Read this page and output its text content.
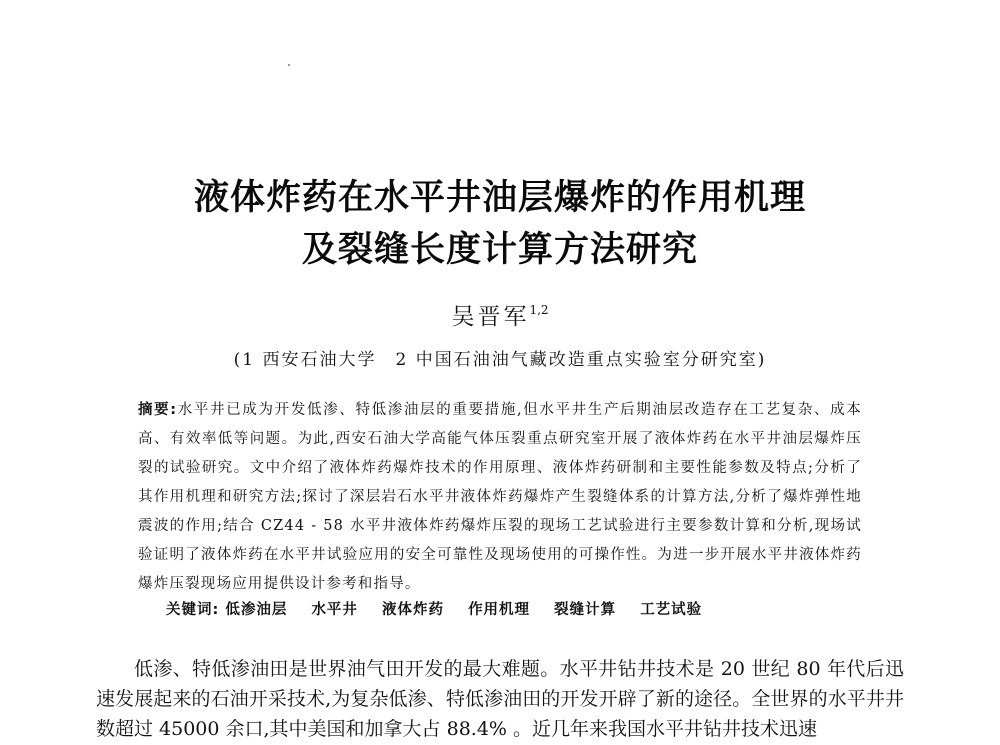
液体炸药在水平井油层爆炸的作用机理
及裂缝长度计算方法研究
吴晋军$^{1,2}$
(1 西安石油大学　2 中国石油油气藏改造重点实验室分研究室)
摘要:水平井已成为开发低渗、特低渗油层的重要措施,但水平井生产后期油层改造存在工艺复杂、成本高、有效率低等问题。为此,西安石油大学高能气体压裂重点研究室开展了液体炸药在水平井油层爆炸压裂的试验研究。文中介绍了液体炸药爆炸技术的作用原理、液体炸药研制和主要性能参数及特点;分析了其作用机理和研究方法;探讨了深层岩石水平井液体炸药爆炸产生裂缝体系的计算方法,分析了爆炸弹性地震波的作用;结合 CZ44 - 58 水平井液体炸药爆炸压裂的现场工艺试验进行主要参数计算和分析,现场试验证明了液体炸药在水平井试验应用的安全可靠性及现场使用的可操作性。为进一步开展水平井液体炸药爆炸压裂现场应用提供设计参考和指导。
关键词: 低渗油层 水平井 液体炸药 作用机理 裂缝计算 工艺试验
低渗、特低渗油田是世界油气田开发的最大难题。水平井钻井技术是 20 世纪 80 年代后迅速发展起来的石油开采技术,为复杂低渗、特低渗油田的开发开辟了新的途径。全世界的水平井井数超过 45000 余口,其中美国和加拿大占 88.4% 。近几年来我国水平井钻井技术迅速
